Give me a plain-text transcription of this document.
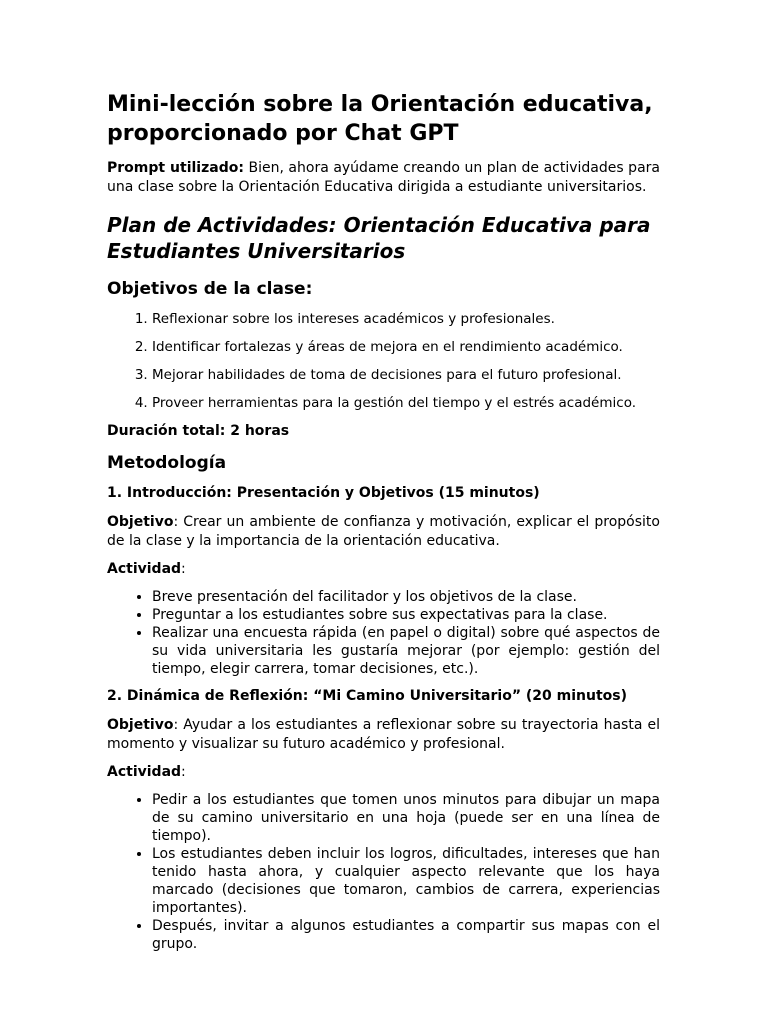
Mini-lección sobre la Orientación educativa, proporcionado por Chat GPT

Prompt utilizado: Bien, ahora ayúdame creando un plan de actividades para una clase sobre la Orientación Educativa dirigida a estudiante universitarios.

Plan de Actividades: Orientación Educativa para Estudiantes Universitarios
Objetivos de la clase:
1. Reflexionar sobre los intereses académicos y profesionales.
2. Identificar fortalezas y áreas de mejora en el rendimiento académico.
3. Mejorar habilidades de toma de decisiones para el futuro profesional.
4. Proveer herramientas para la gestión del tiempo y el estrés académico.
Duración total: 2 horas
Metodología
1. Introducción: Presentación y Objetivos (15 minutos)

Objetivo: Crear un ambiente de confianza y motivación, explicar el propósito de la clase y la importancia de la orientación educativa.

Actividad:

• Breve presentación del facilitador y los objetivos de la clase.
• Preguntar a los estudiantes sobre sus expectativas para la clase.
• Realizar una encuesta rápida (en papel o digital) sobre qué aspectos de su vida universitaria les gustaría mejorar (por ejemplo: gestión del tiempo, elegir carrera, tomar decisiones, etc.).
2. Dinámica de Reflexión: “Mi Camino Universitario” (20 minutos)

Objetivo: Ayudar a los estudiantes a reflexionar sobre su trayectoria hasta el momento y visualizar su futuro académico y profesional.

Actividad:

• Pedir a los estudiantes que tomen unos minutos para dibujar un mapa de su camino universitario en una hoja (puede ser en una línea de tiempo).
• Los estudiantes deben incluir los logros, dificultades, intereses que han tenido hasta ahora, y cualquier aspecto relevante que los haya marcado (decisiones que tomaron, cambios de carrera, experiencias importantes).
• Después, invitar a algunos estudiantes a compartir sus mapas con el grupo.
